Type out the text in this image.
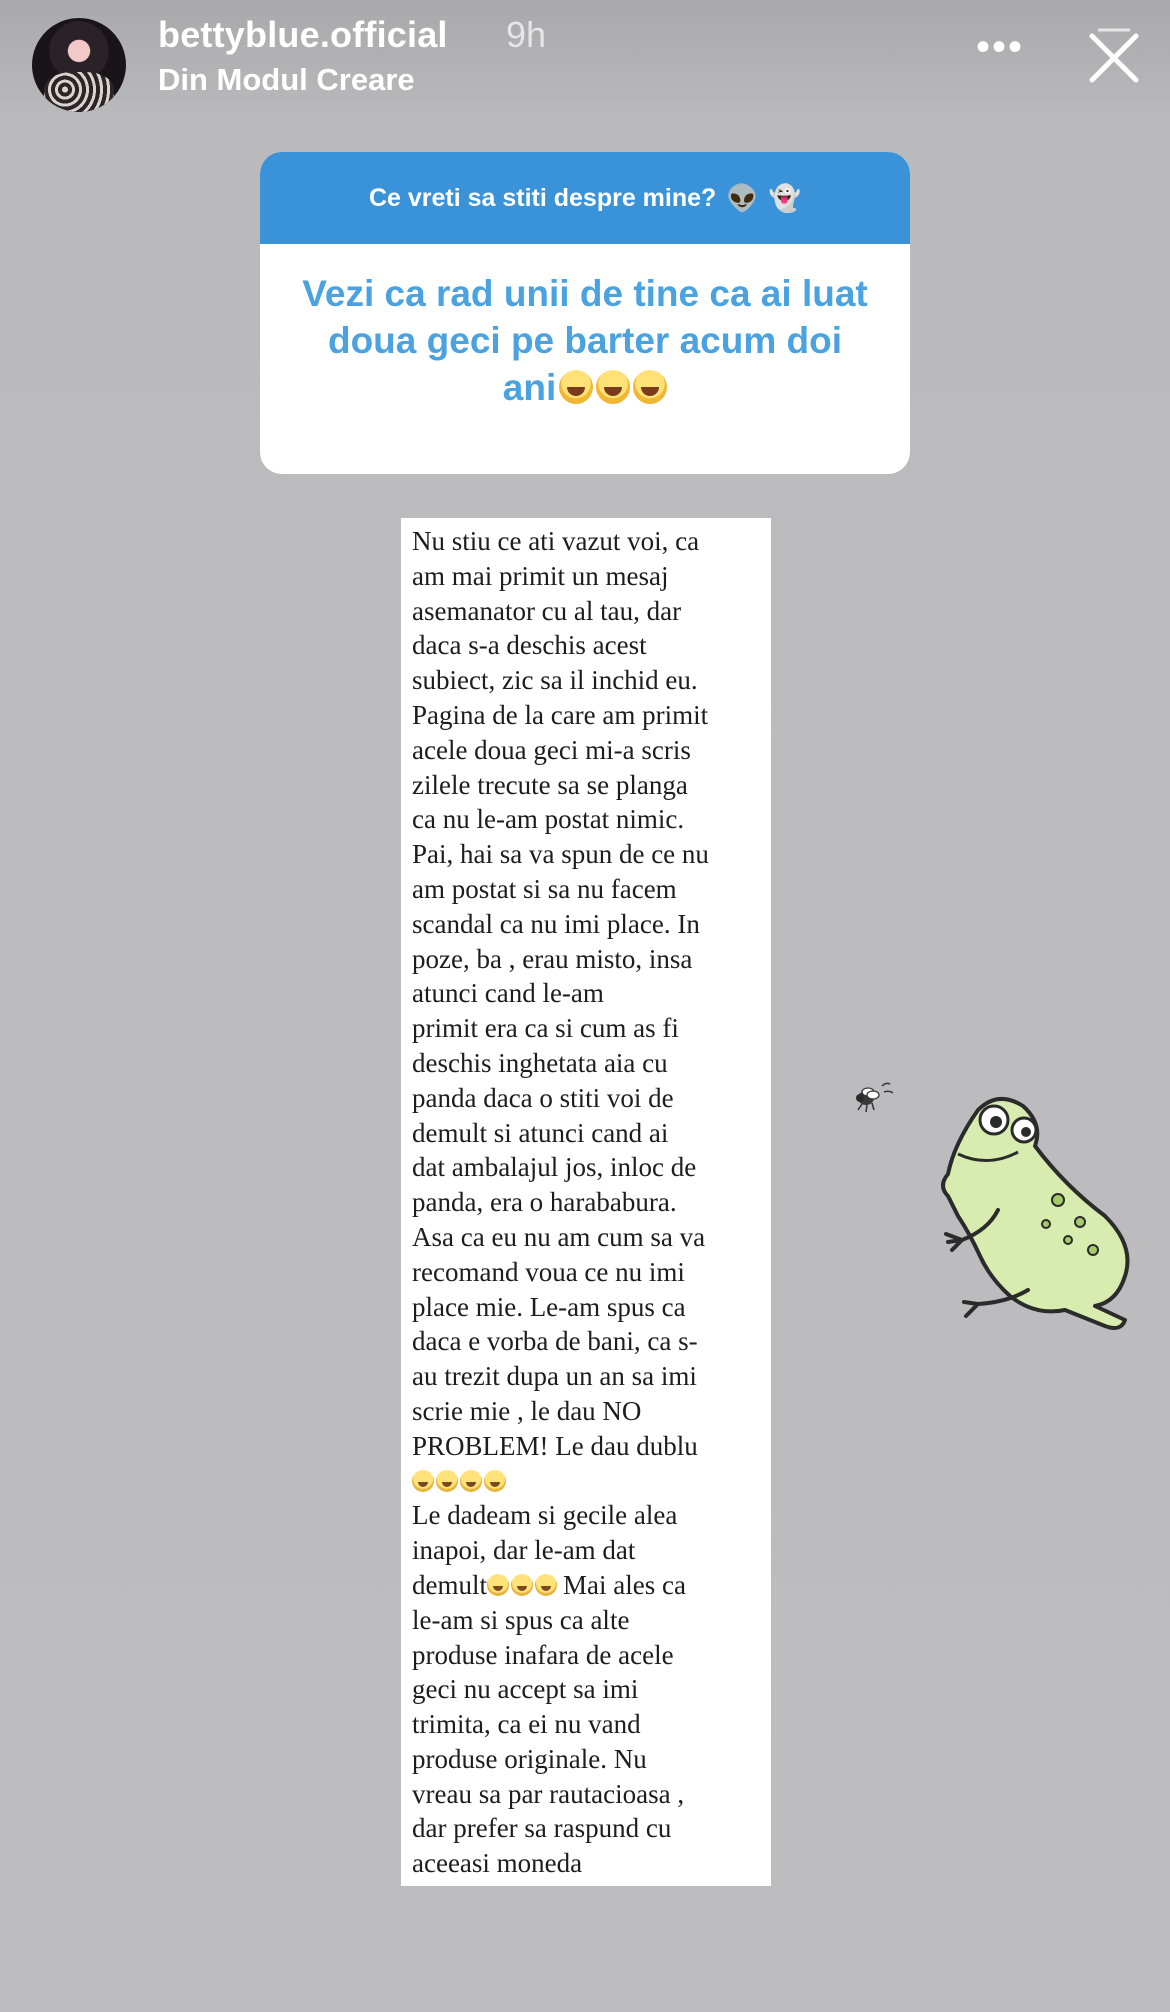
bettyblue.official 9h
Din Modul Creare
•••
Ce vreti sa stiti despre mine? 👽 👻
Vezi ca rad unii de tine ca ai luat
doua geci pe barter acum doi
ani
Nu stiu ce ati vazut voi, ca
am mai primit un mesaj
asemanator cu al tau, dar
daca s-a deschis acest
subiect, zic sa il inchid eu.
Pagina de la care am primit
acele doua geci mi-a scris
zilele trecute sa se planga
ca nu le-am postat nimic.
Pai, hai sa va spun de ce nu
am postat si sa nu facem
scandal ca nu imi place. In
poze, ba , erau misto, insa
atunci cand le-am
primit era ca si cum as fi
deschis inghetata aia cu
panda daca o stiti voi de
demult si atunci cand ai
dat ambalajul jos, inloc de
panda, era o harababura.
Asa ca eu nu am cum sa va
recomand voua ce nu imi
place mie. Le-am spus ca
daca e vorba de bani, ca s-
au trezit dupa un an sa imi
scrie mie , le dau NO
PROBLEM! Le dau dublu
Le dadeam si gecile alea
inapoi, dar le-am dat
demult	Mai ales ca
le-am si spus ca alte
produse inafara de acele
geci nu accept sa imi
trimita, ca ei nu vand
produse originale. Nu
vreau sa par rautacioasa ,
dar prefer sa raspund cu
aceeasi moneda
